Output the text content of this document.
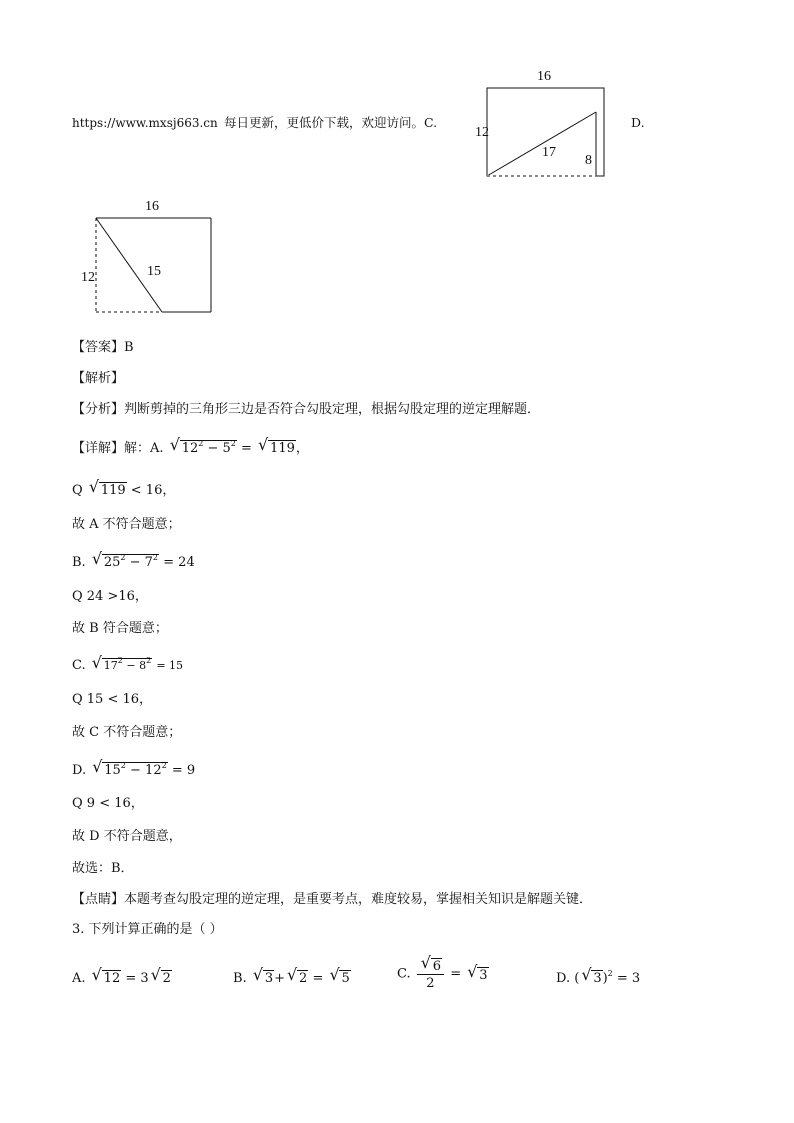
https://www.mxsj663.cn 每日更新，更低价下载，欢迎访问。C.
16
12
17
8
D.
16
12	15
【答案】B
【解析】
【分析】判断剪掉的三角形三边是否符合勾股定理，根据勾股定理的逆定理解题．
【详解】解：A. √ $12^2 - 5^2$ = √ 119，
Q √ 119 < 16，
故 A 不符合题意；
B. √ $25^2 - 7^2 = 24$
Q 24 >16，
故 B 符合题意；
C. √ $17^2 - 8^2 = 15$
Q 15 < 16，
故 C 不符合题意；
D. √ $15^2 - 12^2 = 9$
Q 9 < 16，
故 D 不符合题意，
故选：B．
【点睛】本题考查勾股定理的逆定理，是重要考点，难度较易，掌握相关知识是解题关键．
3. 下列计算正确的是（ ）
A. √ 12 = 3 √ 2	B. √ 3+ √ 2 = √ 5	C. $\frac{√ 6}{2}$ = √ 3	D. ( √ 3)$^2$ = 3
